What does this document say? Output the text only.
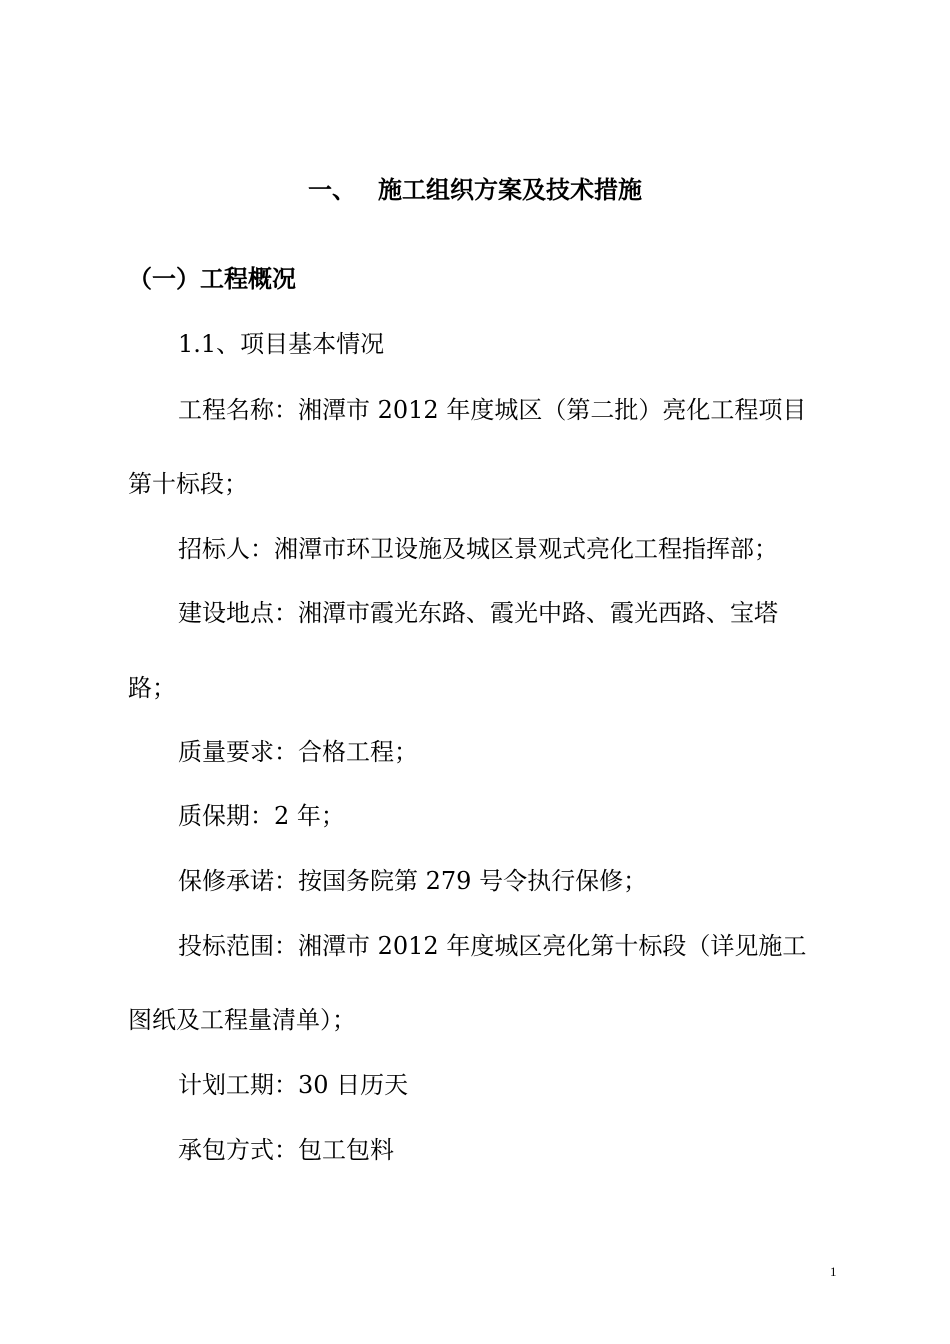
一、 施工组织方案及技术措施
（一）工程概况
1.1、项目基本情况
工程名称：湘潭市 2012 年度城区（第二批）亮化工程项目
第十标段；
招标人：湘潭市环卫设施及城区景观式亮化工程指挥部；
建设地点：湘潭市霞光东路、霞光中路、霞光西路、宝塔
路；
质量要求：合格工程；
质保期：2 年；
保修承诺：按国务院第 279 号令执行保修；
投标范围：湘潭市 2012 年度城区亮化第十标段（详见施工
图纸及工程量清单）；
计划工期：30 日历天
承包方式：包工包料
1
